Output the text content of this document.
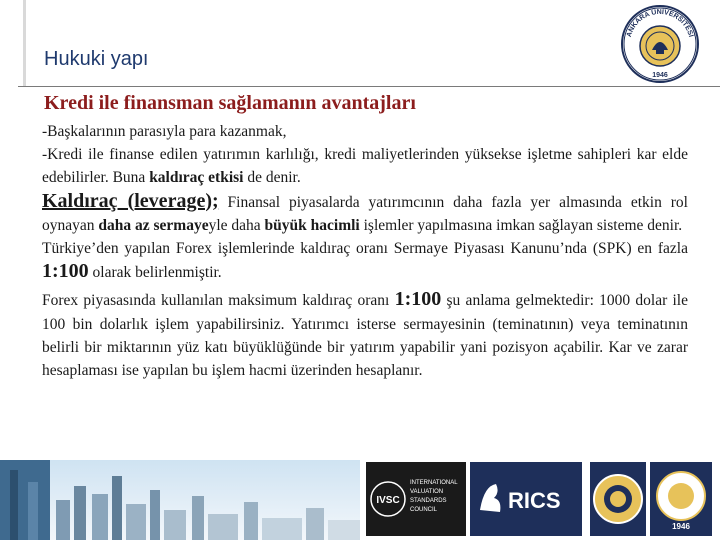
Hukuki yapı
ANKARA ÜNİVERSİTESİ
1946
Kredi ile finansman sağlamanın avantajları

-Başkalarının parasıyla para kazanmak,

-Kredi ile finanse edilen yatırımın karlılığı, kredi maliyetlerinden yüksekse işletme sahipleri kar elde edebilirler. Buna kaldıraç etkisi de denir.

Kaldıraç (leverage); Finansal piyasalarda yatırımcının daha fazla yer almasında etkin rol oynayan daha az sermayeyle daha büyük hacimli işlemler yapılmasına imkan sağlayan sisteme denir.

Türkiye’den yapılan Forex işlemlerinde kaldıraç oranı Sermaye Piyasası Kanunu’nda (SPK) en fazla 1:100 olarak belirlenmiştir.

Forex piyasasında kullanılan maksimum kaldıraç oranı 1:100 şu anlama gelmektedir: 1000 dolar ile 100 bin dolarlık işlem yapabilirsiniz. Yatırımcı isterse sermayesinin (teminatının) veya teminatının belirli bir miktarının yüz katı büyüklüğünde bir yatırım yapabilir yani pozisyon açabilir. Kar ve zarar hesaplaması ise yapılan bu işlem hacmi üzerinden hesaplanır.

IVSC
INTERNATIONAL
VALUATION
STANDARDS
COUNCIL	RICS
1946
